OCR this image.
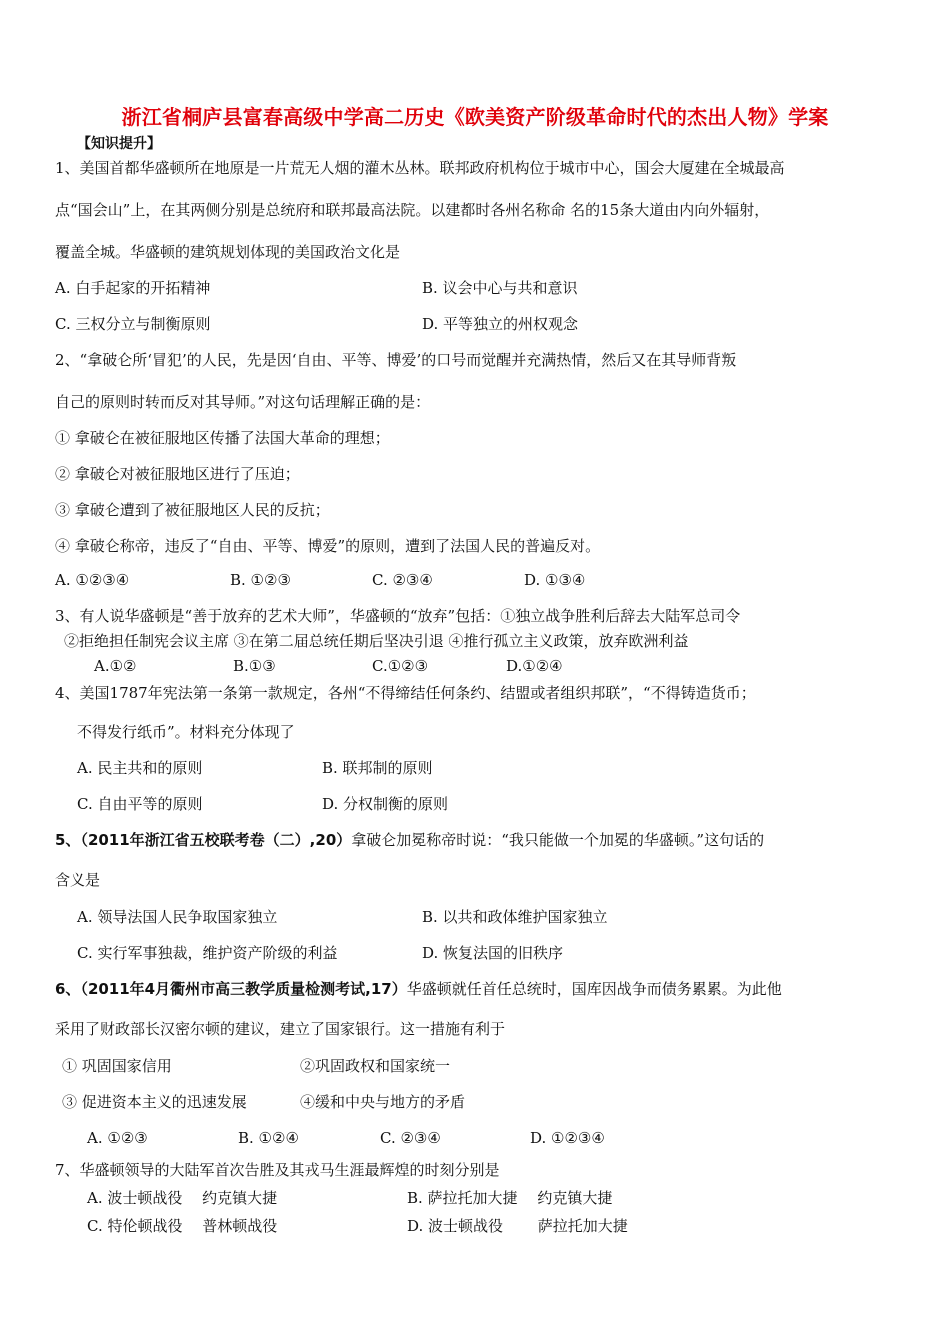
浙江省桐庐县富春高级中学高二历史《欧美资产阶级革命时代的杰出人物》学案
【知识提升】
1、美国首都华盛顿所在地原是一片荒无人烟的灌木丛林。联邦政府机构位于城市中心，国会大厦建在全城最高
点“国会山”上，在其两侧分别是总统府和联邦最高法院。以建都时各州名称命 名的15条大道由内向外辐射，
覆盖全城。华盛顿的建筑规划体现的美国政治文化是
A. 白手起家的开拓精神	B. 议会中心与共和意识
C. 三权分立与制衡原则	D. 平等独立的州权观念
2、“拿破仑所‘冒犯’的人民，先是因‘自由、平等、博爱’的口号而觉醒并充满热情，然后又在其导师背叛
自己的原则时转而反对其导师。”对这句话理解正确的是：
① 拿破仑在被征服地区传播了法国大革命的理想；
② 拿破仑对被征服地区进行了压迫；
③ 拿破仑遭到了被征服地区人民的反抗；
④ 拿破仑称帝，违反了“自由、平等、博爱”的原则，遭到了法国人民的普遍反对。
A. ①②③④	B. ①②③	C. ②③④	D. ①③④
3、有人说华盛顿是“善于放弃的艺术大师”，华盛顿的“放弃”包括：①独立战争胜利后辞去大陆军总司令
②拒绝担任制宪会议主席 ③在第二届总统任期后坚决引退 ④推行孤立主义政策，放弃欧洲利益
A.①②	B.①③	C.①②③	D.①②④
4、美国1787年宪法第一条第一款规定，各州“不得缔结任何条约、结盟或者组织邦联”，“不得铸造货币；
不得发行纸币”。材料充分体现了
A. 民主共和的原则	B. 联邦制的原则
C. 自由平等的原则	D. 分权制衡的原则
5、（2011年浙江省五校联考卷（二）,20）拿破仑加冕称帝时说：“我只能做一个加冕的华盛顿。”这句话的
含义是
A. 领导法国人民争取国家独立	B. 以共和政体维护国家独立
C. 实行军事独裁，维护资产阶级的利益	D. 恢复法国的旧秩序
6、（2011年4月衢州市高三教学质量检测考试,17）华盛顿就任首任总统时，国库因战争而债务累累。为此他
采用了财政部长汉密尔顿的建议，建立了国家银行。这一措施有利于
① 巩固国家信用	②巩固政权和国家统一
③ 促进资本主义的迅速发展	④缓和中央与地方的矛盾
A. ①②③	B. ①②④	C. ②③④	D. ①②③④
7、华盛顿领导的大陆军首次告胜及其戎马生涯最辉煌的时刻分别是
A. 波士顿战役　 约克镇大捷	B. 萨拉托加大捷　 约克镇大捷
C. 特伦顿战役　 普林顿战役	D. 波士顿战役　　 萨拉托加大捷
